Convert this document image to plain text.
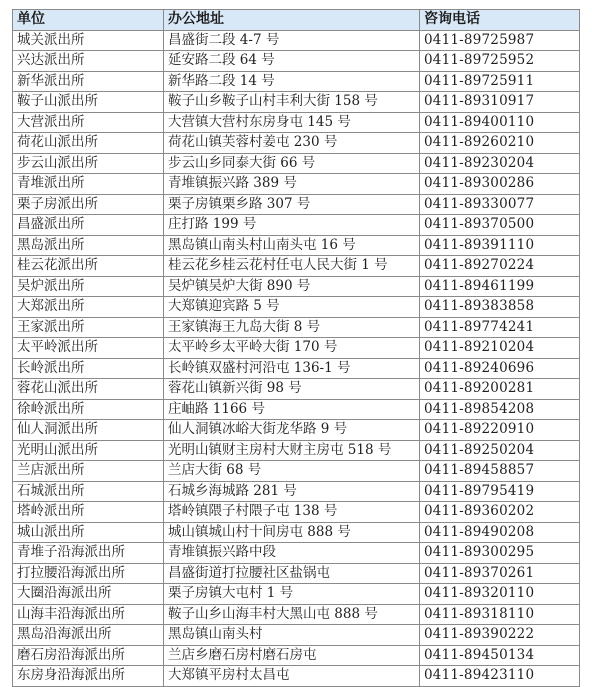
单位	办公地址	咨询电话
城关派出所	昌盛街二段 4-7 号	0411-89725987
兴达派出所	延安路二段 64 号	0411-89725952
新华派出所	新华路二段 14 号	0411-89725911
鞍子山派出所	鞍子山乡鞍子山村丰利大街 158 号	0411-89310917
大营派出所	大营镇大营村东房身屯 145 号	0411-89400110
荷花山派出所	荷花山镇芙蓉村姜屯 230 号	0411-89260210
步云山派出所	步云山乡同泰大街 66 号	0411-89230204
青堆派出所	青堆镇振兴路 389 号	0411-89300286
栗子房派出所	栗子房镇栗乡路 307 号	0411-89330077
昌盛派出所	庄打路 199 号	0411-89370500
黑岛派出所	黑岛镇山南头村山南头屯 16 号	0411-89391110
桂云花派出所	桂云花乡桂云花村任屯人民大街 1 号	0411-89270224
吴炉派出所	吴炉镇吴炉大街 890 号	0411-89461199
大郑派出所	大郑镇迎宾路 5 号	0411-89383858
王家派出所	王家镇海王九岛大街 8 号	0411-89774241
太平岭派出所	太平岭乡太平岭大街 170 号	0411-89210204
长岭派出所	长岭镇双盛村河沿屯 136-1 号	0411-89240696
蓉花山派出所	蓉花山镇新兴街 98 号	0411-89200281
徐岭派出所	庄岫路 1166 号	0411-89854208
仙人洞派出所	仙人洞镇冰峪大街龙华路 9 号	0411-89220910
光明山派出所	光明山镇财主房村大财主房屯 518 号	0411-89250204
兰店派出所	兰店大街 68 号	0411-89458857
石城派出所	石城乡海城路 281 号	0411-89795419
塔岭派出所	塔岭镇隈子村隈子屯 138 号	0411-89360202
城山派出所	城山镇城山村十间房屯 888 号	0411-89490208
青堆子沿海派出所	青堆镇振兴路中段	0411-89300295
打拉腰沿海派出所	昌盛街道打拉腰社区盐锅屯	0411-89370261
大圈沿海派出所	栗子房镇大屯村 1 号	0411-89320110
山海丰沿海派出所	鞍子山乡山海丰村大黑山屯 888 号	0411-89318110
黑岛沿海派出所	黑岛镇山南头村	0411-89390222
磨石房沿海派出所	兰店乡磨石房村磨石房屯	0411-89450134
东房身沿海派出所	大郑镇平房村太昌屯	0411-89423110
